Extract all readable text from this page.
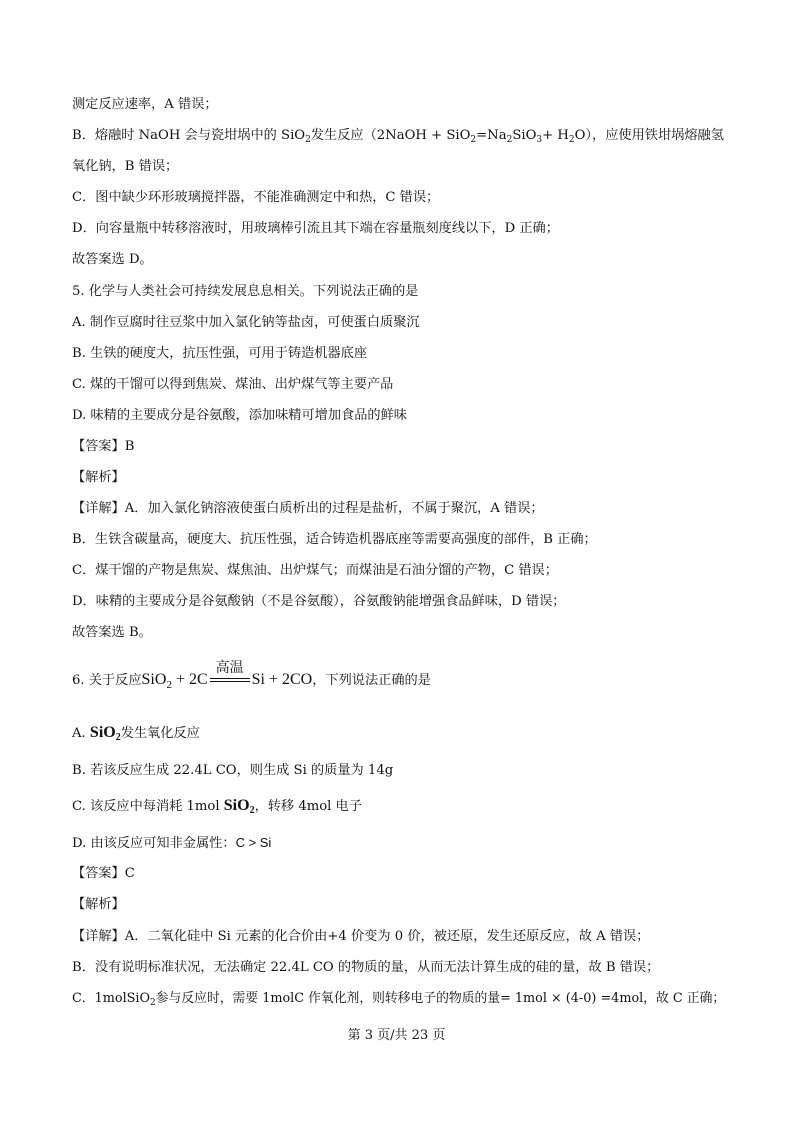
测定反应速率，A 错误；
B．熔融时 NaOH 会与瓷坩埚中的 SiO$_2$发生反应（2NaOH + $SiO_2=Na_2SiO_3+ H_2O$），应使用铁坩埚熔融氢
氧化钠，B 错误；
C．图中缺少环形玻璃搅拌器，不能准确测定中和热，C 错误；
D．向容量瓶中转移溶液时，用玻璃棒引流且其下端在容量瓶刻度线以下，D 正确；
故答案选 D。
5. 化学与人类社会可持续发展息息相关。下列说法正确的是
A. 制作豆腐时往豆浆中加入氯化钠等盐卤，可使蛋白质聚沉
B. 生铁的硬度大，抗压性强，可用于铸造机器底座
C. 煤的干馏可以得到焦炭、煤油、出炉煤气等主要产品
D. 味精的主要成分是谷氨酸，添加味精可增加食品的鲜味
【答案】B
【解析】
【详解】A．加入氯化钠溶液使蛋白质析出的过程是盐析，不属于聚沉，A 错误；
B．生铁含碳量高，硬度大、抗压性强，适合铸造机器底座等需要高强度的部件，B 正确；
C．煤干馏的产物是焦炭、煤焦油、出炉煤气；而煤油是石油分馏的产物，C 错误；
D．味精的主要成分是谷氨酸钠（不是谷氨酸），谷氨酸钠能增强食品鲜味，D 错误；
故答案选 B。
6. 关于反应SiO$_2$ + 2C
高温
Si + 2CO，下列说法正确的是
A. SiO2发生氧化反应
B. 若该反应生成 22.4L CO，则生成 Si 的质量为 14g
C. 该反应中每消耗 1mol SiO2，转移 4mol 电子
D. 由该反应可知非金属性：C > Si
【答案】C
【解析】
【详解】A．二氧化硅中 Si 元素的化合价由+4 价变为 0 价，被还原，发生还原反应，故 A 错误；
B．没有说明标准状况，无法确定 22.4L CO 的物质的量，从而无法计算生成的硅的量，故 B 错误；
C．1molSiO$_2$参与反应时，需要 1molC 作氧化剂，则转移电子的物质的量= 1mol × (4-0) =4mol，故 C 正确；
第 3 页/共 23 页
